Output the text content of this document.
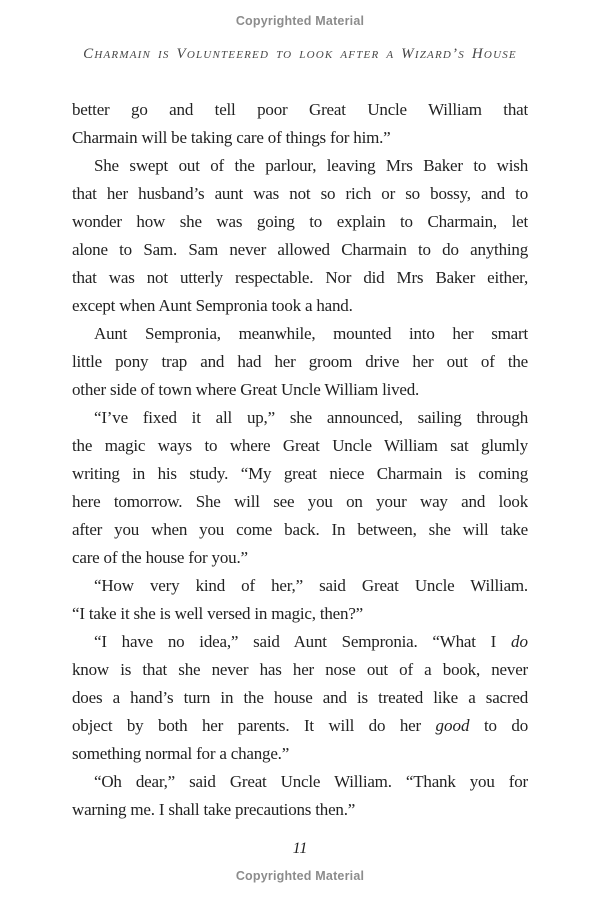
Copyrighted Material
Charmain is Volunteered to look after a Wizard’s House
better go and tell poor Great Uncle William that
Charmain will be taking care of things for him.”
She swept out of the parlour, leaving Mrs Baker to wish
that her husband’s aunt was not so rich or so bossy, and to
wonder how she was going to explain to Charmain, let
alone to Sam. Sam never allowed Charmain to do anything
that was not utterly respectable. Nor did Mrs Baker either,
except when Aunt Sempronia took a hand.
Aunt Sempronia, meanwhile, mounted into her smart
little pony trap and had her groom drive her out of the
other side of town where Great Uncle William lived.
“I’ve fixed it all up,” she announced, sailing through
the magic ways to where Great Uncle William sat glumly
writing in his study. “My great niece Charmain is coming
here tomorrow. She will see you on your way and look
after you when you come back. In between, she will take
care of the house for you.”
“How very kind of her,” said Great Uncle William.
“I take it she is well versed in magic, then?”
“I have no idea,” said Aunt Sempronia. “What I do
know is that she never has her nose out of a book, never
does a hand’s turn in the house and is treated like a sacred
object by both her parents. It will do her good to do
something normal for a change.”
“Oh dear,” said Great Uncle William. “Thank you for
warning me. I shall take precautions then.”
11
Copyrighted Material
